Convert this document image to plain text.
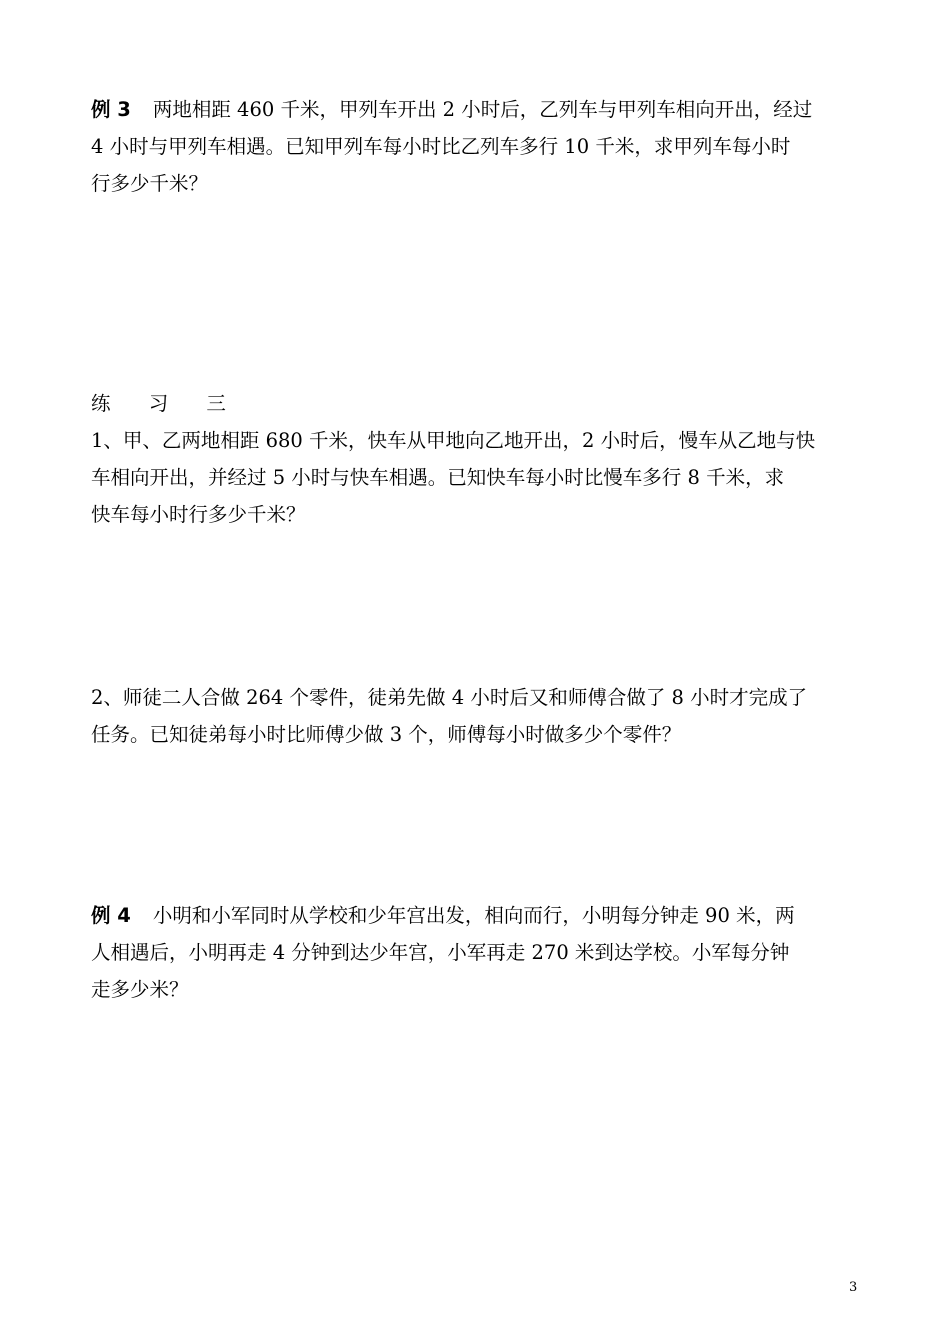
例 3 两地相距 460 千米，甲列车开出 2 小时后，乙列车与甲列车相向开出，经过
4 小时与甲列车相遇。已知甲列车每小时比乙列车多行 10 千米，求甲列车每小时
行多少千米？
练 习 三
1、甲、乙两地相距 680 千米，快车从甲地向乙地开出，2 小时后，慢车从乙地与快
车相向开出，并经过 5 小时与快车相遇。已知快车每小时比慢车多行 8 千米，求
快车每小时行多少千米？
2、师徒二人合做 264 个零件，徒弟先做 4 小时后又和师傅合做了 8 小时才完成了
任务。已知徒弟每小时比师傅少做 3 个，师傅每小时做多少个零件？
例 4 小明和小军同时从学校和少年宫出发，相向而行，小明每分钟走 90 米，两
人相遇后，小明再走 4 分钟到达少年宫，小军再走 270 米到达学校。小军每分钟
走多少米？
3
